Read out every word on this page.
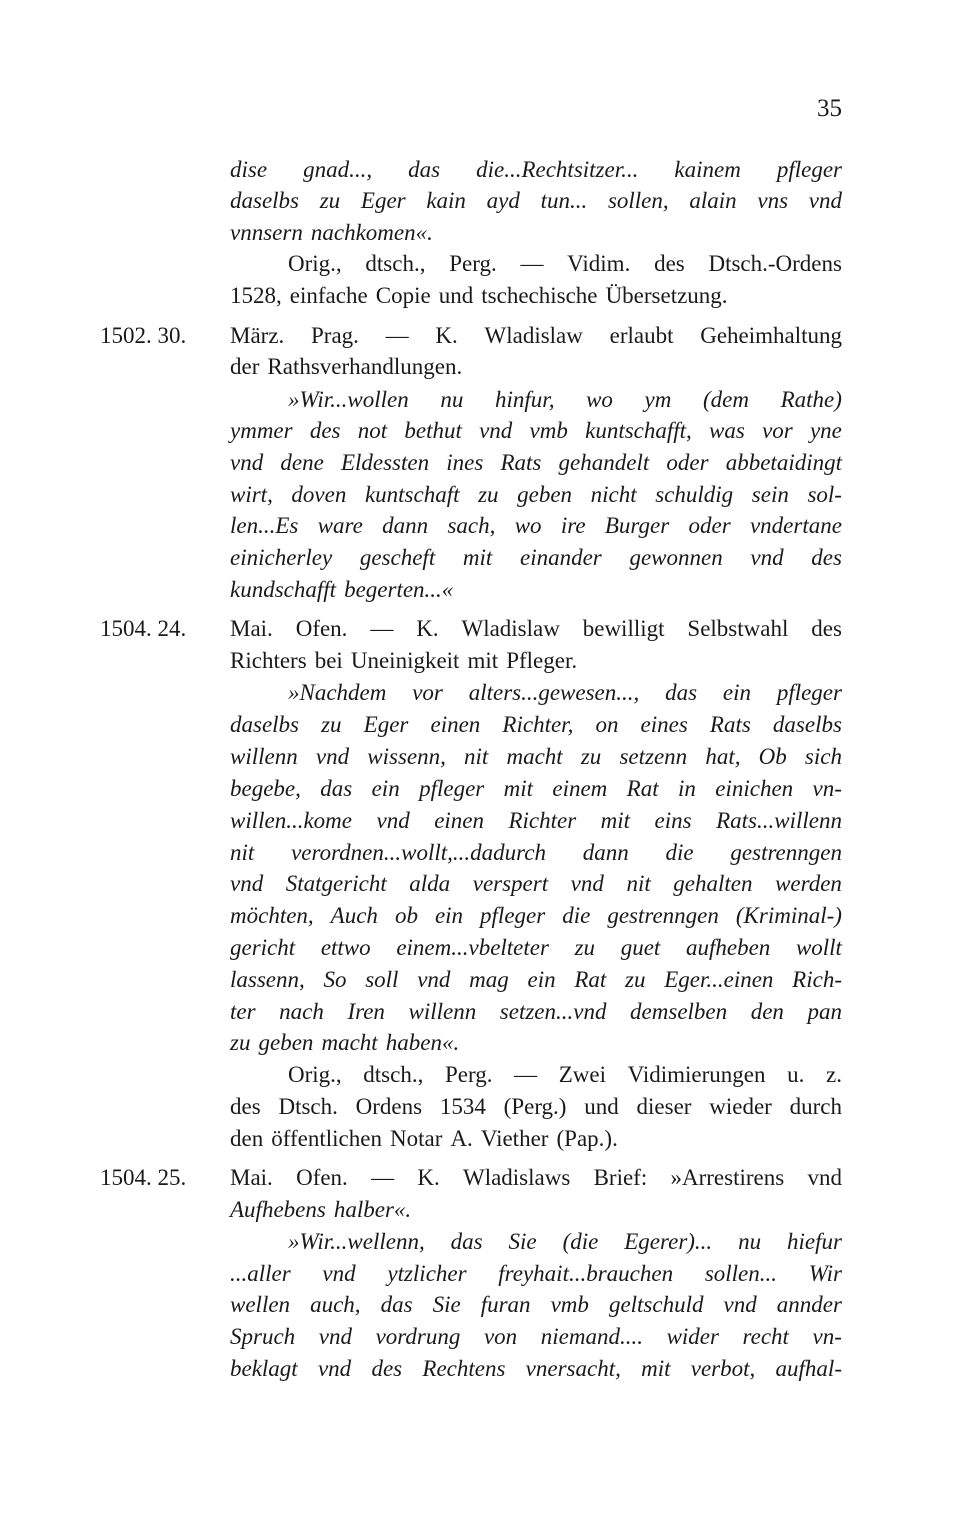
35
dise gnad..., das die...Rechtsitzer... kainem pfleger
daselbs zu Eger kain ayd tun... sollen, alain vns vnd
vnnsern nachkomen«.
Orig., dtsch., Perg. — Vidim. des Dtsch.-Ordens
1528, einfache Copie und tschechische Übersetzung.
März. Prag. — K. Wladislaw erlaubt Geheimhaltung
der Rathsverhandlungen.
»Wir...wollen nu hinfur, wo ym (dem Rathe)
ymmer des not bethut vnd vmb kuntschafft, was vor yne
vnd dene Eldessten ines Rats gehandelt oder abbetaidingt
wirt, doven kuntschaft zu geben nicht schuldig sein sol-
len...Es ware dann sach, wo ire Burger oder vndertane
einicherley gescheft mit einander gewonnen vnd des
kundschafft begerten...«
Mai. Ofen. — K. Wladislaw bewilligt Selbstwahl des
Richters bei Uneinigkeit mit Pfleger.
»Nachdem vor alters...gewesen..., das ein pfleger
daselbs zu Eger einen Richter, on eines Rats daselbs
willenn vnd wissenn, nit macht zu setzenn hat, Ob sich
begebe, das ein pfleger mit einem Rat in einichen vn-
willen...kome vnd einen Richter mit eins Rats...willenn
nit verordnen...wollt,...dadurch dann die gestrenngen
vnd Statgericht alda verspert vnd nit gehalten werden
möchten, Auch ob ein pfleger die gestrenngen (Kriminal-)
gericht ettwo einem...vbelteter zu guet aufheben wollt
lassenn, So soll vnd mag ein Rat zu Eger...einen Rich-
ter nach Iren willenn setzen...vnd demselben den pan
zu geben macht haben«.
Orig., dtsch., Perg. — Zwei Vidimierungen u. z.
des Dtsch. Ordens 1534 (Perg.) und dieser wieder durch
den öffentlichen Notar A. Viether (Pap.).
Mai. Ofen. — K. Wladislaws Brief: »Arrestirens vnd
Aufhebens halber«.
»Wir...wellenn, das Sie (die Egerer)... nu hiefur
...aller vnd ytzlicher freyhait...brauchen sollen... Wir
wellen auch, das Sie furan vmb geltschuld vnd annder
Spruch vnd vordrung von niemand.... wider recht vn-
beklagt vnd des Rechtens vnersacht, mit verbot, aufhal-
1502. 30.
1504. 24.
1504. 25.
